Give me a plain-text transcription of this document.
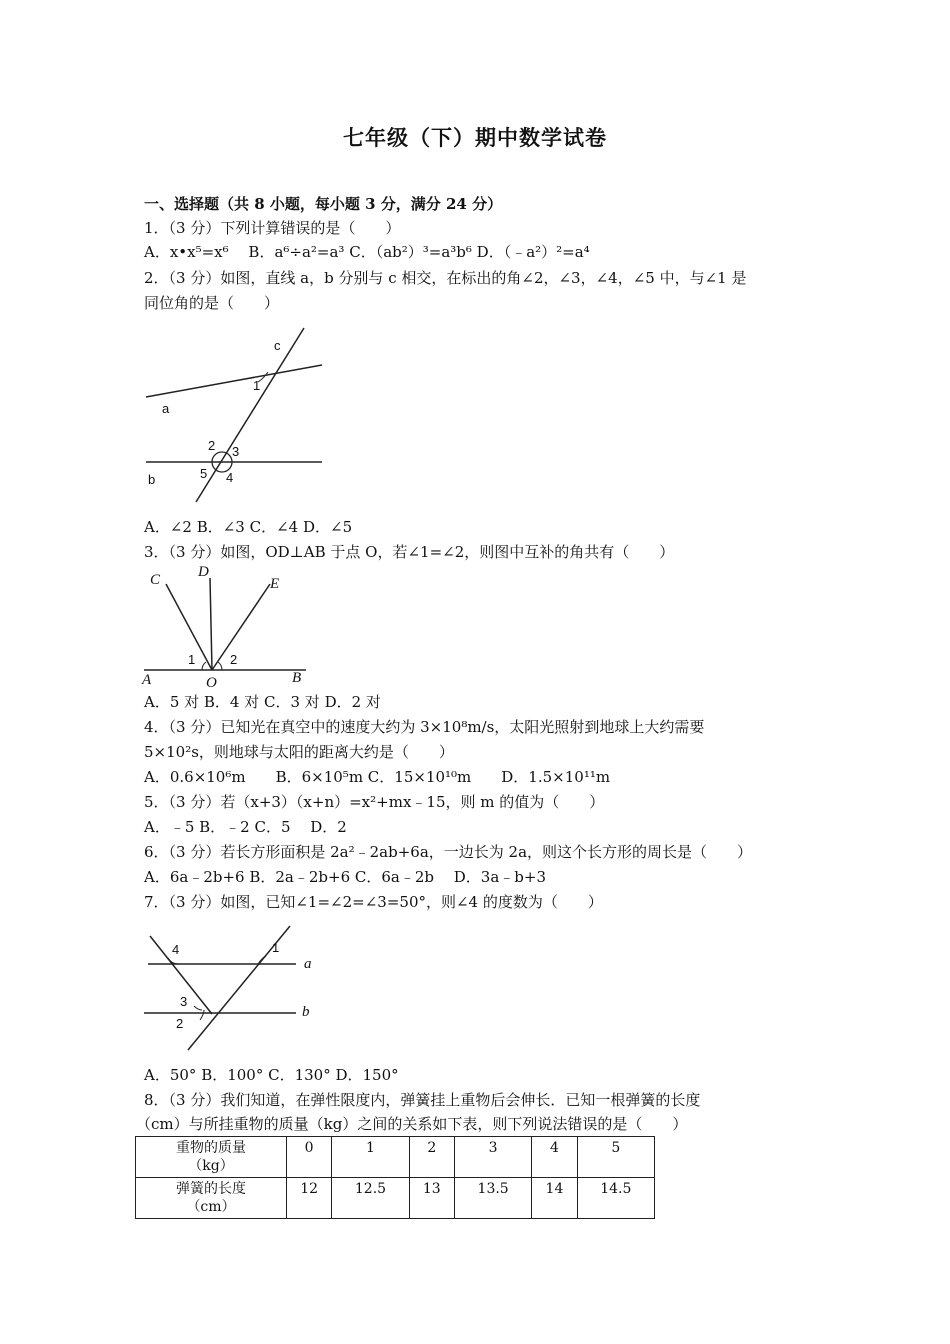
七年级（下）期中数学试卷
一、选择题（共 8 小题，每小题 3 分，满分 24 分）
1．（3 分）下列计算错误的是（　　）
A．x•x⁵=x⁶　 B．a⁶÷a²=a³ C．（ab²）³=a³b⁶ D．（﹣a²）²=a⁴
2．（3 分）如图，直线 a，b 分别与 c 相交，在标出的角∠2，∠3，∠4，∠5 中，与∠1 是
同位角的是（　　）
c
a
b
1
2 3
4
5
A．∠2 B．∠3 C．∠4 D．∠5
3．（3 分）如图，OD⊥AB 于点 O，若∠1=∠2，则图中互补的角共有（　　）
C	D
E
A	O	B
1	2
A．5 对 B．4 对 C．3 对 D．2 对
4．（3 分）已知光在真空中的速度大约为 3×10⁸m/s，太阳光照射到地球上大约需要
5×10²s，则地球与太阳的距离大约是（　　）
A．0.6×10⁶m　　B．6×10⁵m C．15×10¹⁰m　　D．1.5×10¹¹m
5．（3 分）若（x+3）（x+n）=x²+mx﹣15，则 m 的值为（　　）
A．﹣5 B．﹣2 C．5　 D．2
6．（3 分）若长方形面积是 2a²﹣2ab+6a，一边长为 2a，则这个长方形的周长是（　　）
A．6a﹣2b+6 B．2a﹣2b+6 C．6a﹣2b　 D．3a﹣b+3
7．（3 分）如图，已知∠1=∠2=∠3=50°，则∠4 的度数为（　　）
4	1
3
2
a
b
A．50° B．100° C．130° D．150°
8．（3 分）我们知道，在弹性限度内，弹簧挂上重物后会伸长．已知一根弹簧的长度
（cm）与所挂重物的质量（kg）之间的关系如下表，则下列说法错误的是（　　）
重物的质量
（kg）	0	1	2	3	4	5

弹簧的长度
（cm）	12	12.5	13	13.5	14	14.5
